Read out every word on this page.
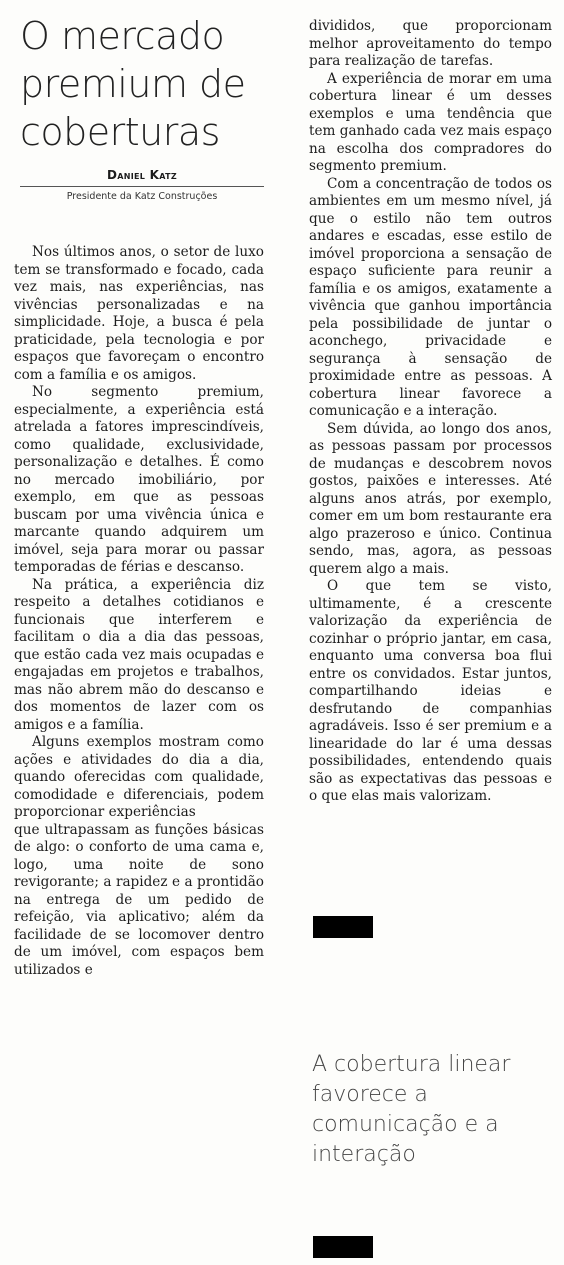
O mercado premium de coberturas
Daniel Katz
Presidente da Katz Construções

Nos últimos anos, o setor de luxo tem se transformado e focado, cada vez mais, nas experiências, nas vivências personalizadas e na simplicidade. Hoje, a busca é pela praticidade, pela tecnologia e por espaços que favoreçam o encontro com a família e os amigos.

No segmento premium, especialmente, a experiência está atrelada a fatores imprescindíveis, como qualidade, exclusividade, personalização e detalhes. É como no mercado imobiliário, por exemplo, em que as pessoas buscam por uma vivência única e marcante quando adquirem um imóvel, seja para morar ou passar temporadas de férias e descanso.

Na prática, a experiência diz respeito a detalhes cotidianos e funcionais que interferem e facilitam o dia a dia das pessoas, que estão cada vez mais ocupadas e engajadas em projetos e trabalhos, mas não abrem mão do descanso e dos momentos de lazer com os amigos e a família.

Alguns exemplos mostram como ações e atividades do dia a dia, quando oferecidas com qualidade, comodidade e diferenciais, podem proporcionar experiências

que ultrapassam as funções básicas de algo: o conforto de uma cama e, logo, uma noite de sono revigorante; a rapidez e a prontidão na entrega de um pedido de refeição, via aplicativo; além da facilidade de se locomover dentro de um imóvel, com espaços bem utilizados e

divididos, que proporcionam melhor aproveitamento do tempo para realização de tarefas.

A experiência de morar em uma cobertura linear é um desses exemplos e uma tendência que tem ganhado cada vez mais espaço na escolha dos compradores do segmento premium.

Com a concentração de todos os ambientes em um mesmo nível, já que o estilo não tem outros andares e escadas, esse estilo de imóvel proporciona a sensação de espaço suficiente para reunir a família e os amigos, exatamente a vivência que ganhou importância pela possibilidade de juntar o aconchego, privacidade e segurança à sensação de proximidade entre as pessoas. A cobertura linear favorece a comunicação e a interação.

Sem dúvida, ao longo dos anos, as pessoas passam por processos de mudanças e descobrem novos gostos, paixões e interesses. Até alguns anos atrás, por exemplo, comer em um bom restaurante era algo prazeroso e único. Continua sendo, mas, agora, as pessoas querem algo a mais.

O que tem se visto, ultimamente, é a crescente valorização da experiência de cozinhar o próprio jantar, em casa, enquanto uma conversa boa flui entre os convidados. Estar juntos, compartilhando ideias e desfrutando de companhias agradáveis. Isso é ser premium e a linearidade do lar é uma dessas possibilidades, entendendo quais são as expectativas das pessoas e o que elas mais valorizam.

A cobertura linear favorece a comunicação e a interação
